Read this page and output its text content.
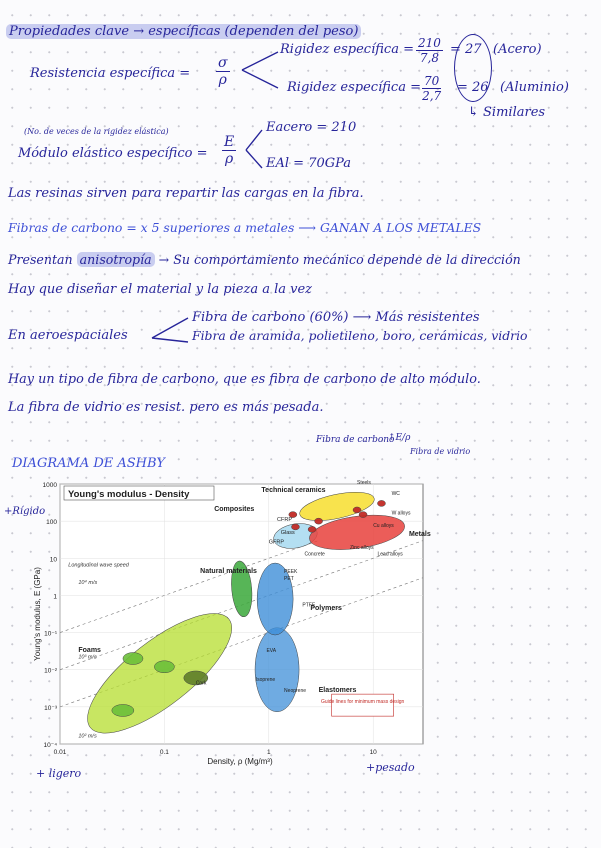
Propiedades clave → específicas (dependen del peso)
Resistencia específica = $\frac{\sigma}{\rho}$
Rigidez específica = $\frac{210}{7,8} = 27$ (Acero)
Rigidez específica = $\frac{70}{2,7} = 26$ (Aluminio)
↳ Similares
(No. de veces de la rigidez elástica)
Módulo elástico específico = $\frac{E}{\rho}$
Eacero = 210
EAl = 70GPa
Las resinas sirven para repartir las cargas en la fibra.
Fibras de carbono = x 5 superiores a metales ⟶ GANAN A LOS METALES
Presentan anisotropía → Su comportamiento mecánico depende de la dirección
Hay que diseñar el material y la pieza a la vez
En aeroespaciales
Fibra de carbono (60%) ⟶ Más resistentes
Fibra de aramida, polietileno, boro, cerámicas, vidrio
Hay un tipo de fibra de carbono, que es fibra de carbono de alto módulo.
La fibra de vidrio es resist. pero es más pesada.
DIAGRAMA DE ASHBY
Fibra de carbono
↑E/ρ
Fibra de vidrio
+Rígido
+ ligero	+pesado
Technical ceramics
Composites
Metals
Natural materials
Polymers
Foams
Elastomers
CFRP
Glass
GFRP
Steels
WC
W alloys
Cu alloys
Lead alloys
Concrete
Zinc alloys
PEEK
PET
PTFE
Cork
Isoprene
Neoprene
EVA
Longitudinal wave speed
10⁴ m/s
10³ m/s
10² m/s
Guide lines for minimum mass design
10⁻⁴
10⁻³
10⁻²
10⁻¹
1
10
100
1000
0.01	0.1	1	10
Young's modulus - Density
Density, ρ (Mg/m³)
Young's modulus, E (GPa)
